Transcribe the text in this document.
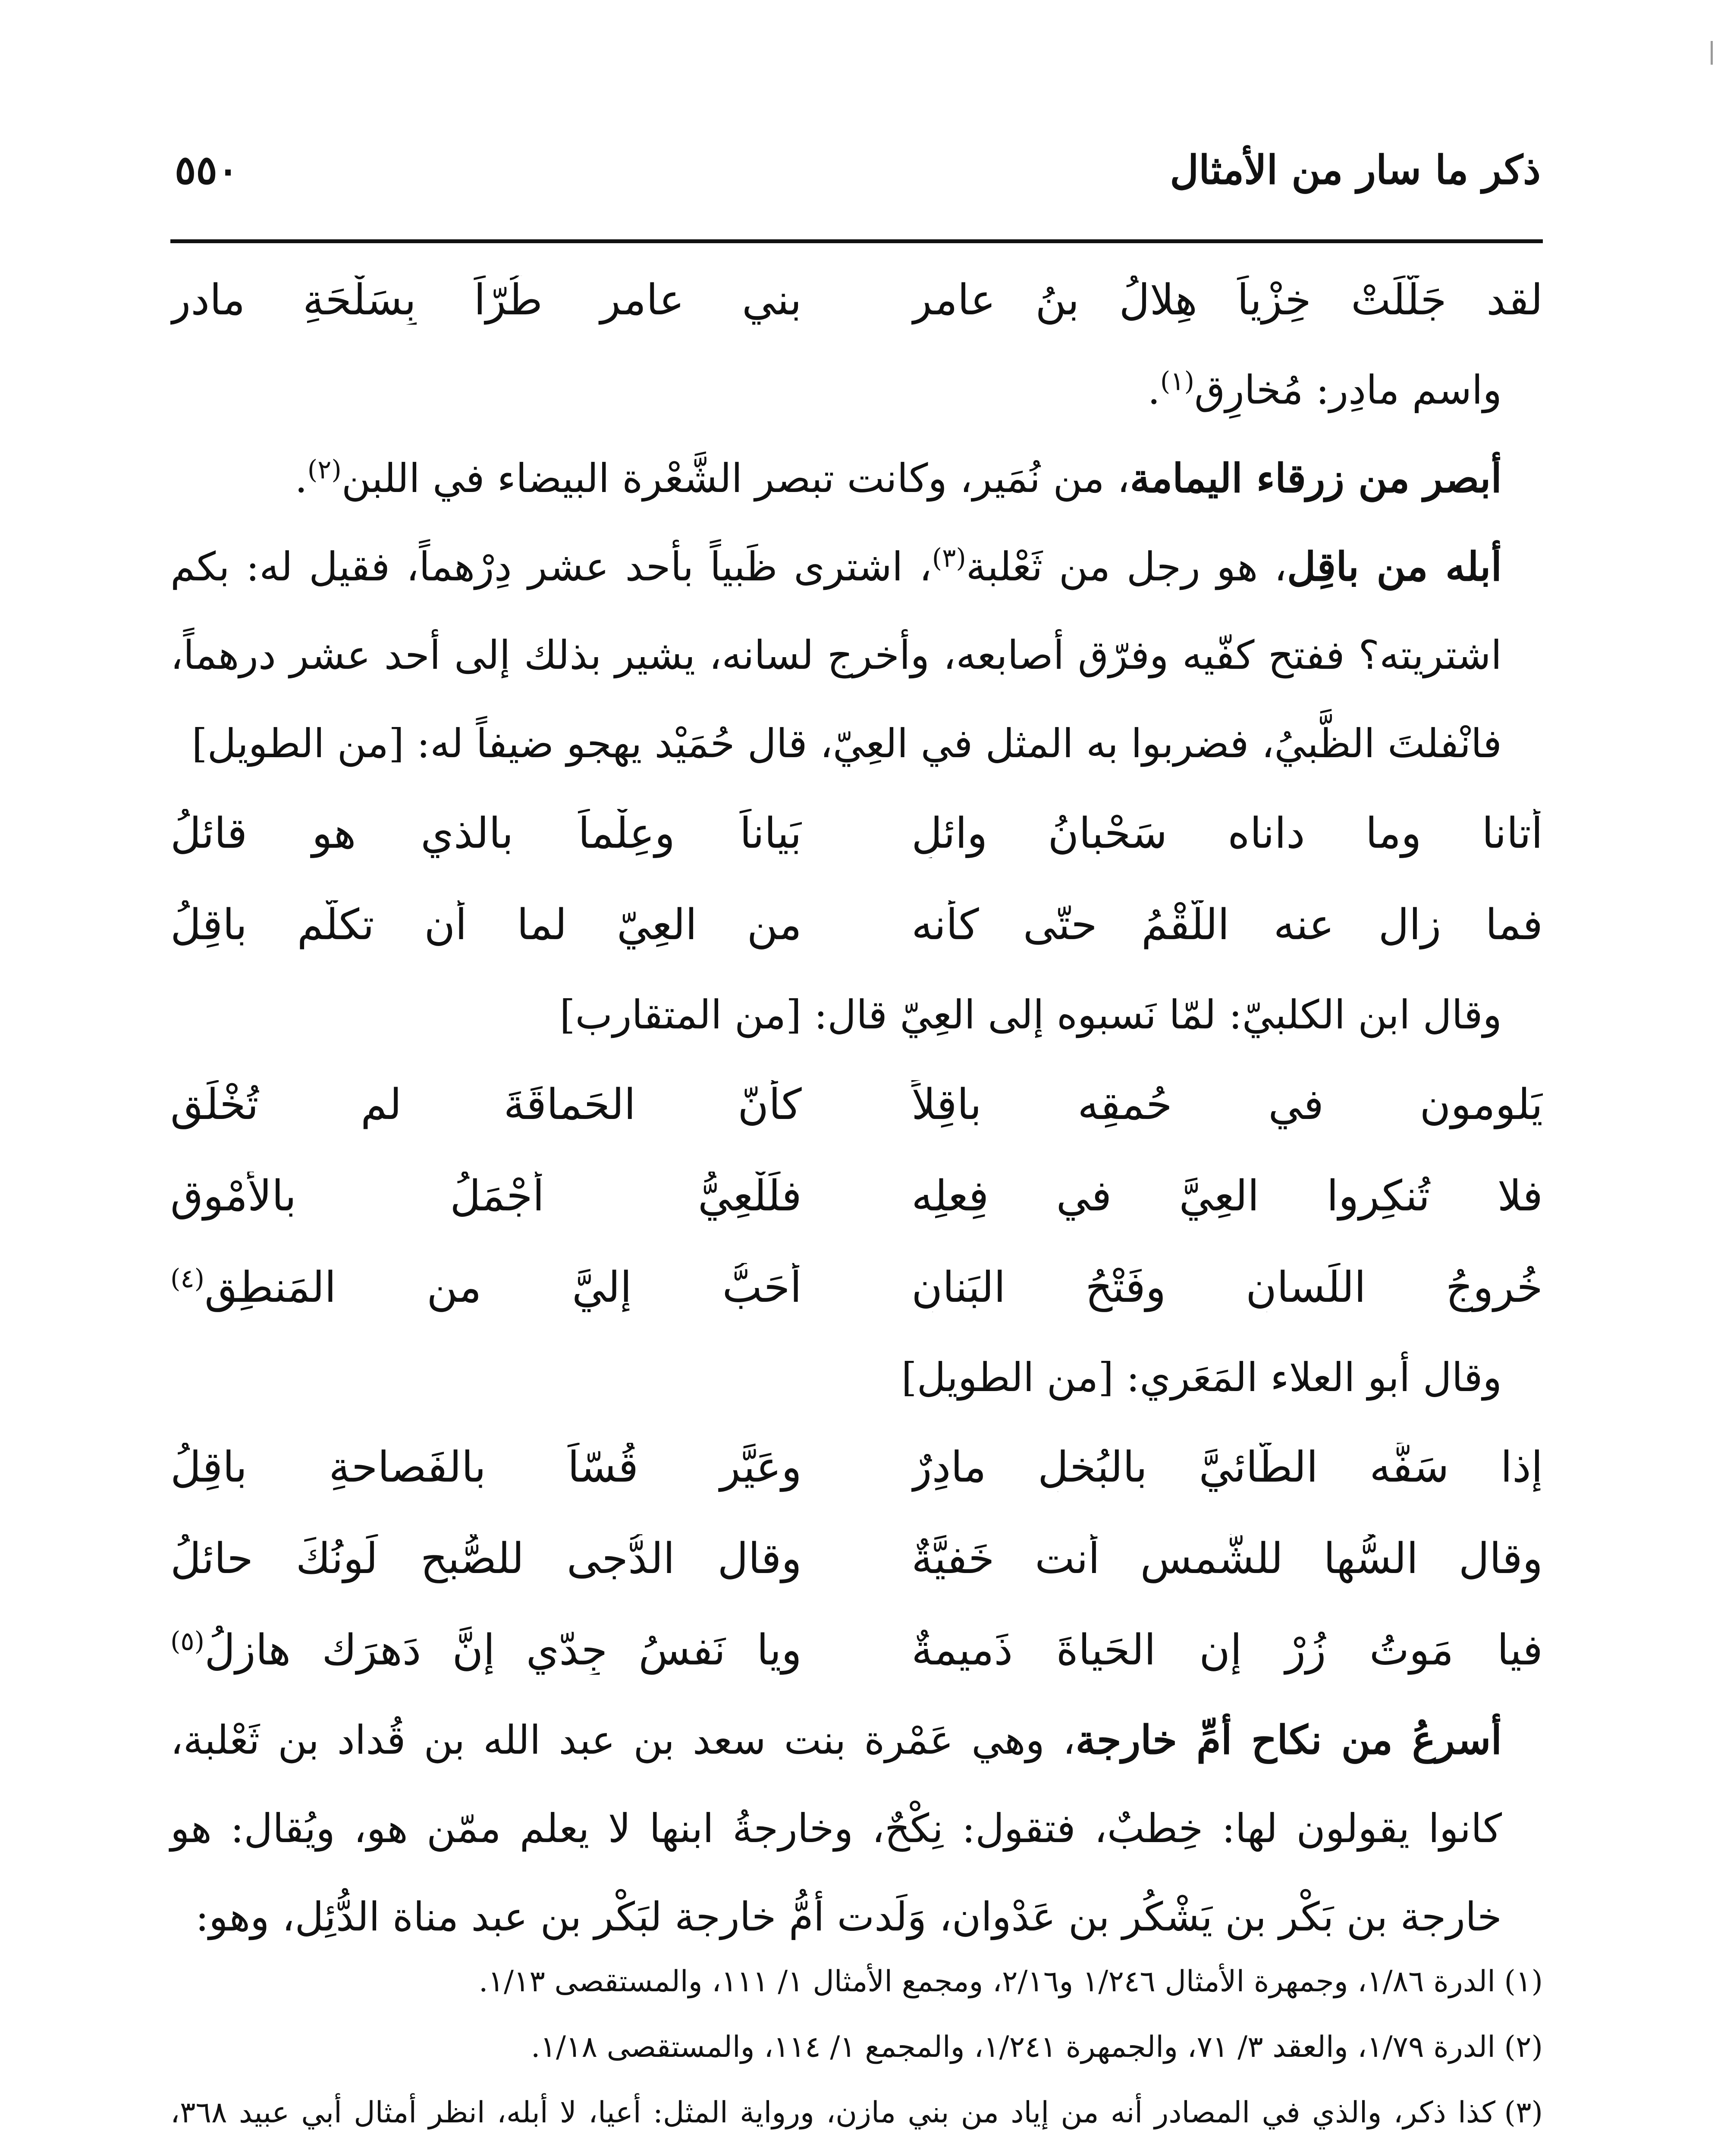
ذكر ما سار من الأمثال
٥٥٠
لقد جَلَّلَتْ خِزْياً هِلالُ بنُ عامرٍ
بني عامرٍ طُرّاً بِسَلْحَةِ مادرِ

واسم مادِر: مُخارِق$^{(١)}$.

أبصر من زرقاء اليمامة، من نُمَير، وكانت تبصر الشَّعْرة البيضاء في اللبن$^{(٢)}$.

أبله من باقِل، هو رجل من ثَعْلبة$^{(٣)}$، اشترى ظَبياً بأحد عشر دِرْهماً، فقيل له: بكم اشتريته؟ ففتح كفّيه وفرّق أصابعه، وأخرج لسانه، يشير بذلك إلى أحد عشر درهماً، فانْفلتَ الظَّبيُ، فضربوا به المثل في العِيّ، قال حُمَيْد يهجو ضيفاً له: [من الطويل]

أتانا وما داناه سَحْبانُ وائلٍ
بَياناً وعِلْماً بالذي هو قائلُ
فما زال عنه اللُّقْمُ حتّى كأنه
من العِيّ لما أن تكلَّم باقِلُ

وقال ابن الكلبيّ: لمّا نَسبوه إلى العِيّ قال: [من المتقارب]

يَلومون في حُمقِه باقِلاً
كأنّ الحَماقَةَ لم تُخْلَقِ
فلا تُنكِروا العِيَّ في فِعلِه
فلَلْعِيُّ أَجْمَلُ بالأَمْوقِ
خُروجُ اللِّسانِ وفَتْحُ البَنانِ
أَحَبُّ إليَّ من المَنطِقِ$^{(٤)}$

وقال أبو العلاء المَعَري: [من الطويل]

إذا سَفَّه الطّائيَّ بالبُخلِ مادِرٌ
وعَيَّر قُسّاً بالفَصاحةِ باقِلُ
وقال السُّها للشَّمسِ أنت خَفيَّةٌ
وقال الدُّجى للصُّبح لَونُكَ حائلُ
فيا مَوتُ زُرْ إن الحَياةَ ذَميمةٌ
ويا نَفسُ جِدّي إنَّ دَهرَك هازلُ$^{(٥)}$

أسرعُ من نكاح أمِّ خارجة، وهي عَمْرة بنت سعد بن عبد الله بن قُداد بن ثَعْلبة، كانوا يقولون لها: خِطبٌ، فتقول: نِكْحٌ، وخارجةُ ابنها لا يعلم ممّن هو، ويُقال: هو خارجة بن بَكْر بن يَشْكُر بن عَدْوان، وَلَدت أمُّ خارجة لبَكْر بن عبد مناة الدُّئِل، وهو:

(١)
الدرة ١/٨٦، وجمهرة الأمثال ١/٢٤٦ و٢/١٦، ومجمع الأمثال ١/ ١١١، والمستقصى ١/١٣.

(٢)
الدرة ١/٧٩، والعقد ٣/ ٧١، والجمهرة ١/٢٤١، والمجمع ١/ ١١٤، والمستقصى ١/١٨.

(٣)
كذا ذكر، والذي في المصادر أنه من إياد من بني مازن، ورواية المثل: أعيا، لا أبله، انظر أمثال أبي عبيد ٣٦٨،
